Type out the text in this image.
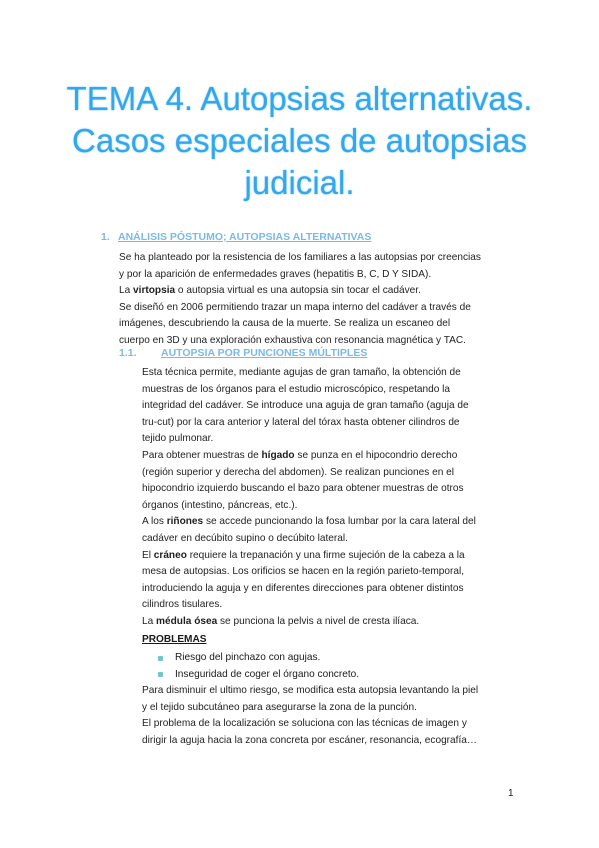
TEMA 4. Autopsias alternativas.
Casos especiales de autopsias
judicial.
1. ANÁLISIS PÓSTUMO; AUTOPSIAS ALTERNATIVAS
Se ha planteado por la resistencia de los familiares a las autopsias por creencias
y por la aparición de enfermedades graves (hepatitis B, C, D Y SIDA).
La virtopsia o autopsia virtual es una autopsia sin tocar el cadáver.
Se diseñó en 2006 permitiendo trazar un mapa interno del cadáver a través de
imágenes, descubriendo la causa de la muerte. Se realiza un escaneo del
cuerpo en 3D y una exploración exhaustiva con resonancia magnética y TAC.
1.1. AUTOPSIA POR PUNCIONES MÚLTIPLES
Esta técnica permite, mediante agujas de gran tamaño, la obtención de
muestras de los órganos para el estudio microscópico, respetando la
integridad del cadáver. Se introduce una aguja de gran tamaño (aguja de
tru-cut) por la cara anterior y lateral del tórax hasta obtener cilindros de
tejido pulmonar.
Para obtener muestras de hígado se punza en el hipocondrio derecho
(región superior y derecha del abdomen). Se realizan punciones en el
hipocondrio izquierdo buscando el bazo para obtener muestras de otros
órganos (intestino, páncreas, etc.).
A los riñones se accede puncionando la fosa lumbar por la cara lateral del
cadáver en decúbito supino o decúbito lateral.
El cráneo requiere la trepanación y una firme sujeción de la cabeza a la
mesa de autopsias. Los orificios se hacen en la región parieto-temporal,
introduciendo la aguja y en diferentes direcciones para obtener distintos
cilindros tisulares.
La médula ósea se punciona la pelvis a nivel de cresta ilíaca.
PROBLEMAS
Riesgo del pinchazo con agujas.
Inseguridad de coger el órgano concreto.
Para disminuir el ultimo riesgo, se modifica esta autopsia levantando la piel
y el tejido subcutáneo para asegurarse la zona de la punción.
El problema de la localización se soluciona con las técnicas de imagen y
dirigir la aguja hacia la zona concreta por escáner, resonancia, ecografía…
1
